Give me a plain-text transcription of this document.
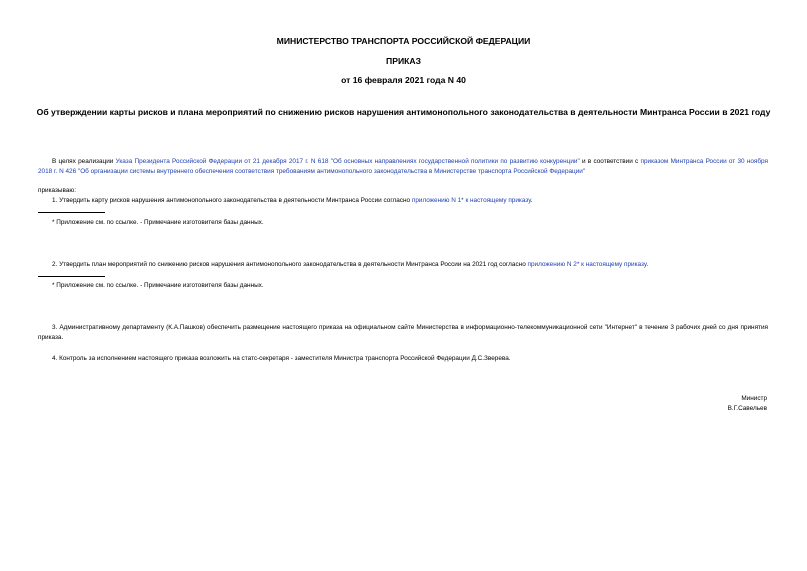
МИНИСТЕРСТВО ТРАНСПОРТА РОССИЙСКОЙ ФЕДЕРАЦИИ
ПРИКАЗ
от 16 февраля 2021 года N 40
Об утверждении карты рисков и плана мероприятий по снижению рисков нарушения антимонопольного законодательства в деятельности Минтранса России в 2021 году
В целях реализации Указа Президента Российской Федерации от 21 декабря 2017 г. N 618 "Об основных направлениях государственной политики по развитию конкуренции" и в соответствии с приказом Минтранса России от 30 ноября 2018 г. N 426 "Об организации системы внутреннего обеспечения соответствия требованиям антимонопольного законодательства в Министерстве транспорта Российской Федерации"
приказываю:
1. Утвердить карту рисков нарушения антимонопольного законодательства в деятельности Минтранса России согласно приложению N 1* к настоящему приказу.
* Приложение см. по ссылке. - Примечание изготовителя базы данных.
2. Утвердить план мероприятий по снижению рисков нарушения антимонопольного законодательства в деятельности Минтранса России на 2021 год согласно приложению N 2* к настоящему приказу.
* Приложение см. по ссылке. - Примечание изготовителя базы данных.
3. Административному департаменту (К.А.Пашков) обеспечить размещение настоящего приказа на официальном сайте Министерства в информационно-телекоммуникационной сети "Интернет" в течение 3 рабочих дней со дня принятия приказа.
4. Контроль за исполнением настоящего приказа возложить на статс-секретаря - заместителя Министра транспорта Российской Федерации Д.С.Зверева.
Министр
В.Г.Савельев
